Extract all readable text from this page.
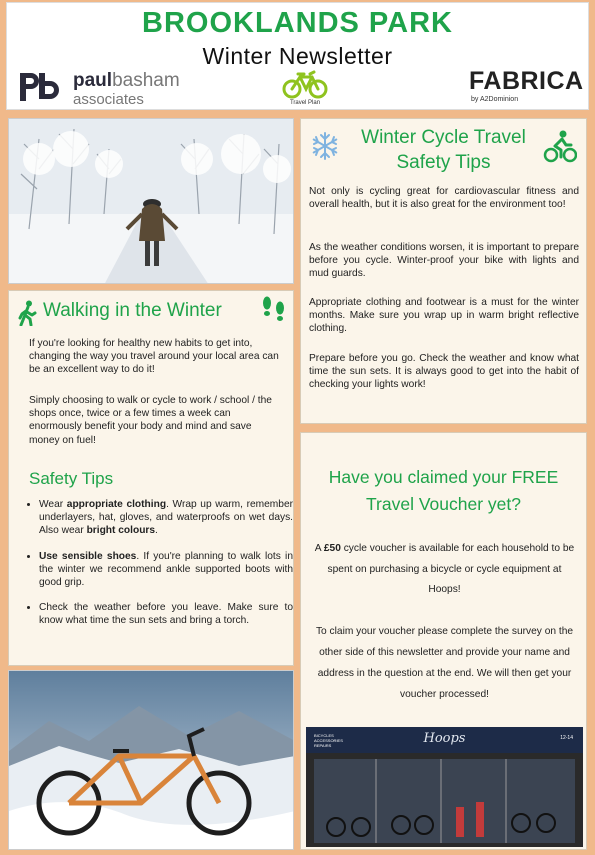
BROOKLANDS PARK
Winter Newsletter
paulbasham
associates	Travel Plan
FABRICA
by A2Dominion
Walking in the Winter

If you're looking for healthy new habits to get into, changing the way you travel around your local area can be an excellent way to do it!

Simply choosing to walk or cycle to work / school / the shops once, twice or a few times a week can enormously benefit your body and mind and save money on fuel!

Safety Tips
• Wear appropriate clothing. Wrap up warm, remember underlayers, hat, gloves, and waterproofs on wet days. Also wear bright colours.
• Use sensible shoes. If you're planning to walk lots in the winter we recommend ankle supported boots with good grip.
• Check the weather before you leave. Make sure to know what time the sun sets and bring a torch.
Winter Cycle Travel
Safety Tips

Not only is cycling great for cardiovascular fitness and overall health, but it is also great for the environment too!

As the weather conditions worsen, it is important to prepare before you cycle. Winter-proof your bike with lights and mud guards.

Appropriate clothing and footwear is a must for the winter months. Make sure you wrap up in warm bright reflective clothing.

Prepare before you go. Check the weather and know what time the sun sets. It is always good to get into the habit of checking your lights work!

Have you claimed your FREE
Travel Voucher yet?

A £50 cycle voucher is available for each household to be spent on purchasing a bicycle or cycle equipment at Hoops!

To claim your voucher please complete the survey on the other side of this newsletter and provide your name and address in the question at the end. We will then get your voucher processed!

BICYCLES ACCESSORIES REPAIRS	Hoops	12-14
